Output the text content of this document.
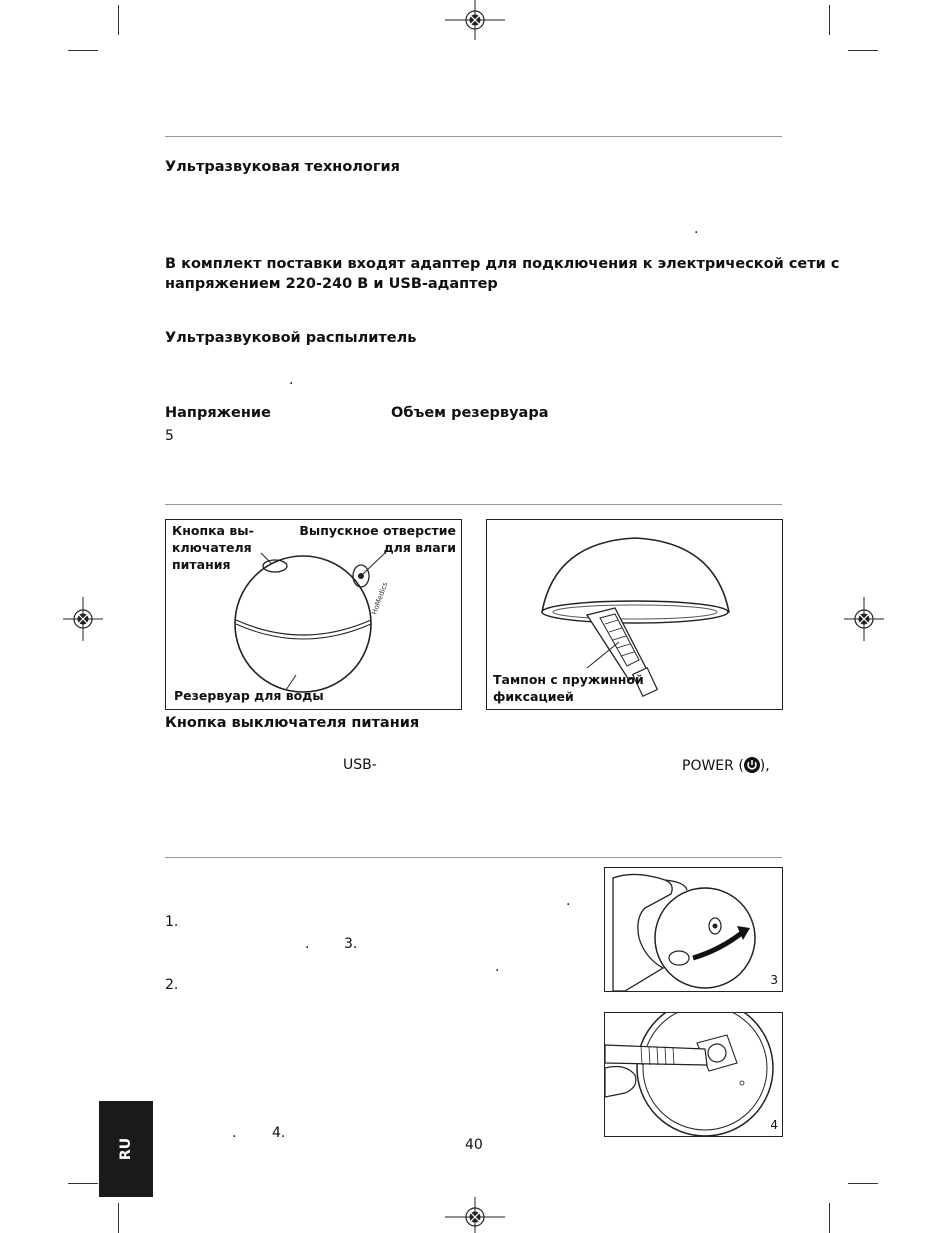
Ультразвуковая технология
.
В комплект поставки входят адаптер для подключения к электрической сети с
напряжением 220-240 В и USB-адаптер
Ультразвуковой распылитель
.
Напряжение
5
Объем резервуара
HoMedics
Кнопка вы-
ключателя
питания
Выпускное отверстие
для влаги
Резервуар для воды
Тампон с пружинной
фиксацией
Кнопка выключателя питания
USB-	POWER ( ),
.
1.
. 3.
.
2.
.	4.
3
4
40
RU
